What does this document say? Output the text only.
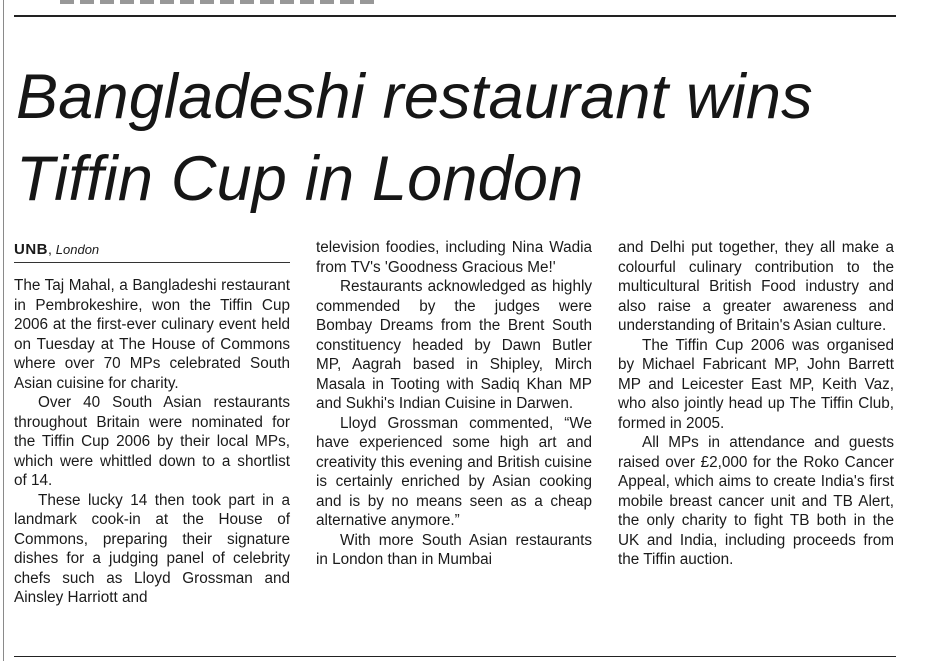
Bangladeshi restaurant wins
Tiffin Cup in London
UNB, London

The Taj Mahal, a Bangladeshi restaurant in Pembrokeshire, won the Tiffin Cup 2006 at the first-ever culinary event held on Tuesday at The House of Commons where over 70 MPs celebrated South Asian cuisine for charity.

Over 40 South Asian restaurants throughout Britain were nominated for the Tiffin Cup 2006 by their local MPs, which were whittled down to a shortlist of 14.

These lucky 14 then took part in a landmark cook-in at the House of Commons, preparing their signature dishes for a judging panel of celebrity chefs such as Lloyd Grossman and Ainsley Harriott and

television foodies, including Nina Wadia from TV's 'Goodness Gracious Me!'

Restaurants acknowledged as highly commended by the judges were Bombay Dreams from the Brent South constituency headed by Dawn Butler MP, Aagrah based in Shipley, Mirch Masala in Tooting with Sadiq Khan MP and Sukhi's Indian Cuisine in Darwen.

Lloyd Grossman commented, “We have experienced some high art and creativity this evening and British cuisine is certainly enriched by Asian cooking and is by no means seen as a cheap alternative anymore.”

With more South Asian restaurants in London than in Mumbai

and Delhi put together, they all make a colourful culinary contribution to the multicultural British Food industry and also raise a greater awareness and understanding of Britain's Asian culture.

The Tiffin Cup 2006 was organised by Michael Fabricant MP, John Barrett MP and Leicester East MP, Keith Vaz, who also jointly head up The Tiffin Club, formed in 2005.

All MPs in attendance and guests raised over £2,000 for the Roko Cancer Appeal, which aims to create India's first mobile breast cancer unit and TB Alert, the only charity to fight TB both in the UK and India, including proceeds from the Tiffin auction.
